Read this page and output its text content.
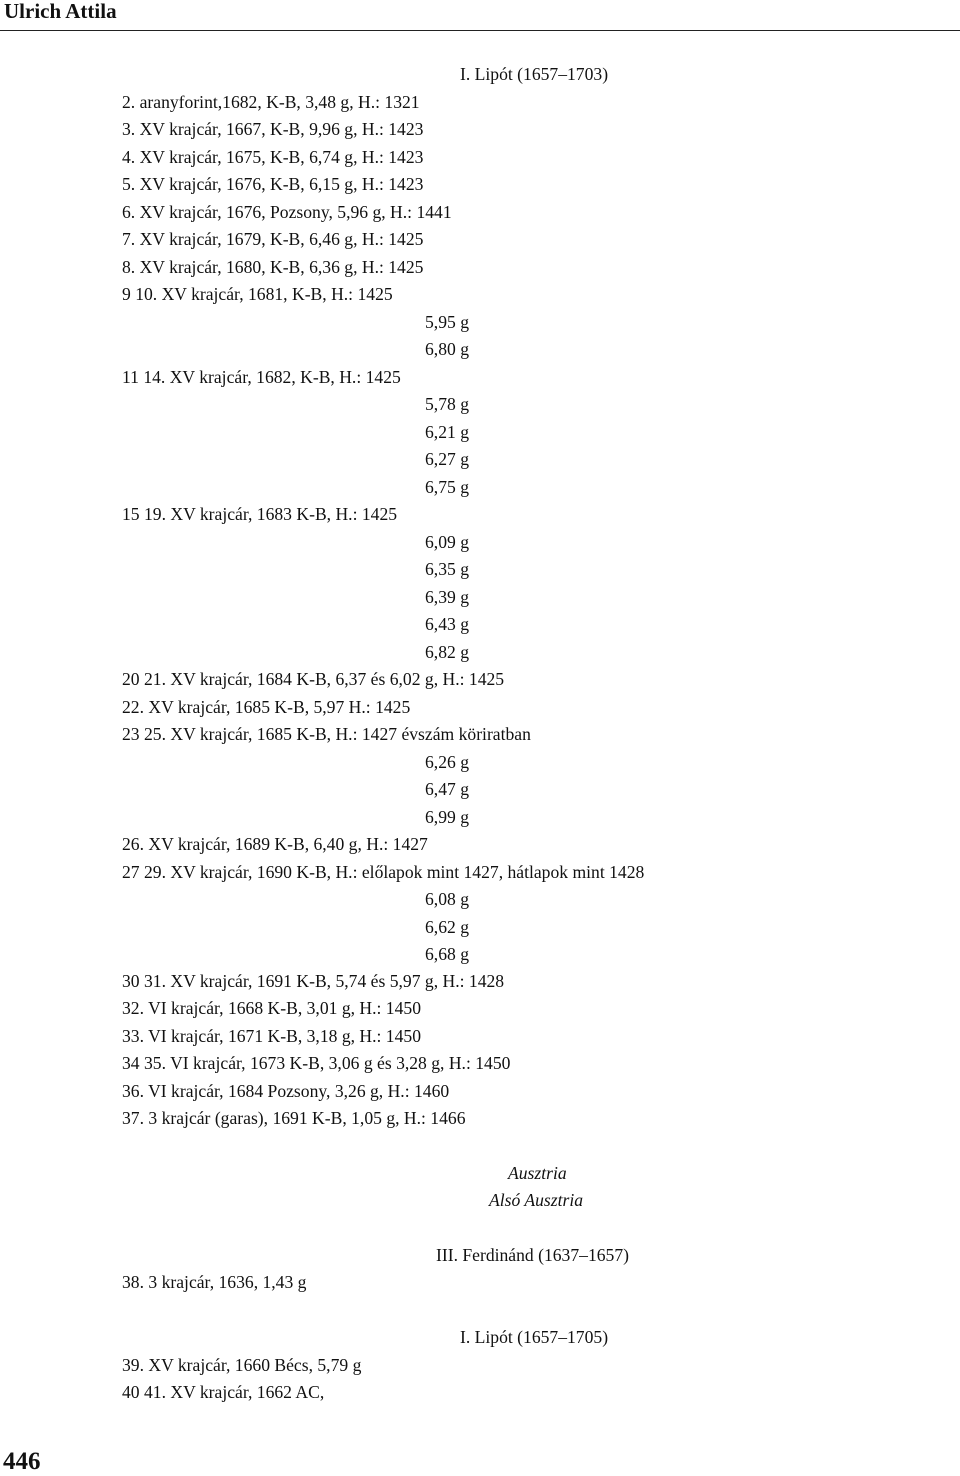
Ulrich Attila
I. Lipót (1657–1703)
2. aranyforint,1682, K-B, 3,48 g, H.: 1321
3. XV krajcár, 1667, K-B, 9,96 g, H.: 1423
4. XV krajcár, 1675, K-B, 6,74 g, H.: 1423
5. XV krajcár, 1676, K-B, 6,15 g, H.: 1423
6. XV krajcár, 1676, Pozsony, 5,96 g, H.: 1441
7. XV krajcár, 1679, K-B, 6,46 g, H.: 1425
8. XV krajcár, 1680, K-B, 6,36 g, H.: 1425
9 10. XV krajcár, 1681, K-B, H.: 1425
5,95 g
6,80 g
11 14. XV krajcár, 1682, K-B, H.: 1425
5,78 g
6,21 g
6,27 g
6,75 g
15 19. XV krajcár, 1683 K-B, H.: 1425
6,09 g
6,35 g
6,39 g
6,43 g
6,82 g
20 21. XV krajcár, 1684 K-B, 6,37 és 6,02 g, H.: 1425
22. XV krajcár, 1685 K-B, 5,97 H.: 1425
23 25. XV krajcár, 1685 K-B, H.: 1427 évszám köriratban
6,26 g
6,47 g
6,99 g
26. XV krajcár, 1689 K-B, 6,40 g, H.: 1427
27 29. XV krajcár, 1690 K-B, H.: előlapok mint 1427, hátlapok mint 1428
6,08 g
6,62 g
6,68 g
30 31. XV krajcár, 1691 K-B, 5,74 és 5,97 g, H.: 1428
32. VI krajcár, 1668 K-B, 3,01 g, H.: 1450
33. VI krajcár, 1671 K-B, 3,18 g, H.: 1450
34 35. VI krajcár, 1673 K-B, 3,06 g és 3,28 g, H.: 1450
36. VI krajcár, 1684 Pozsony, 3,26 g, H.: 1460
37. 3 krajcár (garas), 1691 K-B, 1,05 g, H.: 1466
Ausztria
Alsó Ausztria
III. Ferdinánd (1637–1657)
38. 3 krajcár, 1636, 1,43 g
I. Lipót (1657–1705)
39. XV krajcár, 1660 Bécs, 5,79 g
40 41. XV krajcár, 1662 AC,
446
